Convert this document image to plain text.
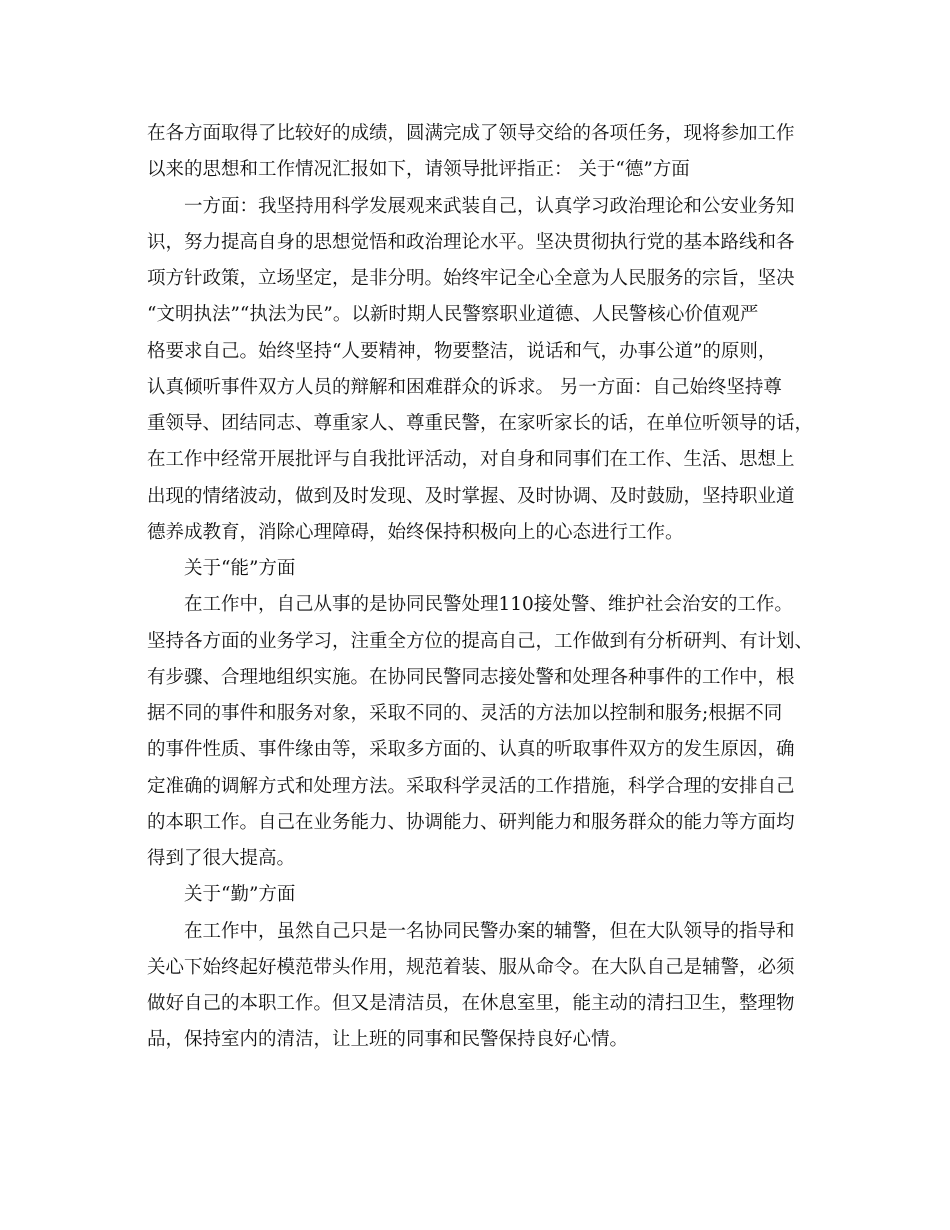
在各方面取得了比较好的成绩，圆满完成了领导交给的各项任务，现将参加工作
以来的思想和工作情况汇报如下，请领导批评指正： 关于“德”方面
一方面：我坚持用科学发展观来武装自己，认真学习政治理论和公安业务知
识，努力提高自身的思想觉悟和政治理论水平。坚决贯彻执行党的基本路线和各
项方针政策，立场坚定，是非分明。始终牢记全心全意为人民服务的宗旨，坚决
“文明执法”“执法为民”。以新时期人民警察职业道德、人民警核心价值观严
格要求自己。始终坚持“人要精神，物要整洁，说话和气，办事公道”的原则，
认真倾听事件双方人员的辩解和困难群众的诉求。 另一方面：自己始终坚持尊
重领导、团结同志、尊重家人、尊重民警，在家听家长的话，在单位听领导的话，
在工作中经常开展批评与自我批评活动，对自身和同事们在工作、生活、思想上
出现的情绪波动，做到及时发现、及时掌握、及时协调、及时鼓励，坚持职业道
德养成教育，消除心理障碍，始终保持积极向上的心态进行工作。
关于“能”方面
在工作中，自己从事的是协同民警处理110接处警、维护社会治安的工作。
坚持各方面的业务学习，注重全方位的提高自己，工作做到有分析研判、有计划、
有步骤、合理地组织实施。在协同民警同志接处警和处理各种事件的工作中，根
据不同的事件和服务对象，采取不同的、灵活的方法加以控制和服务;根据不同
的事件性质、事件缘由等，采取多方面的、认真的听取事件双方的发生原因，确
定准确的调解方式和处理方法。采取科学灵活的工作措施，科学合理的安排自己
的本职工作。自己在业务能力、协调能力、研判能力和服务群众的能力等方面均
得到了很大提高。
关于“勤”方面
在工作中，虽然自己只是一名协同民警办案的辅警，但在大队领导的指导和
关心下始终起好模范带头作用，规范着装、服从命令。在大队自己是辅警，必须
做好自己的本职工作。但又是清洁员，在休息室里，能主动的清扫卫生，整理物
品，保持室内的清洁，让上班的同事和民警保持良好心情。
